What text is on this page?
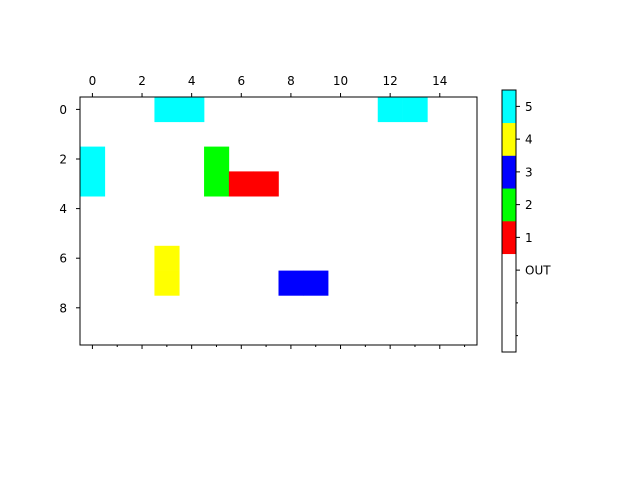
0	2	4	6	8	10	12	14
0
2
4
6
8
5
4
3
2
1
OUT
